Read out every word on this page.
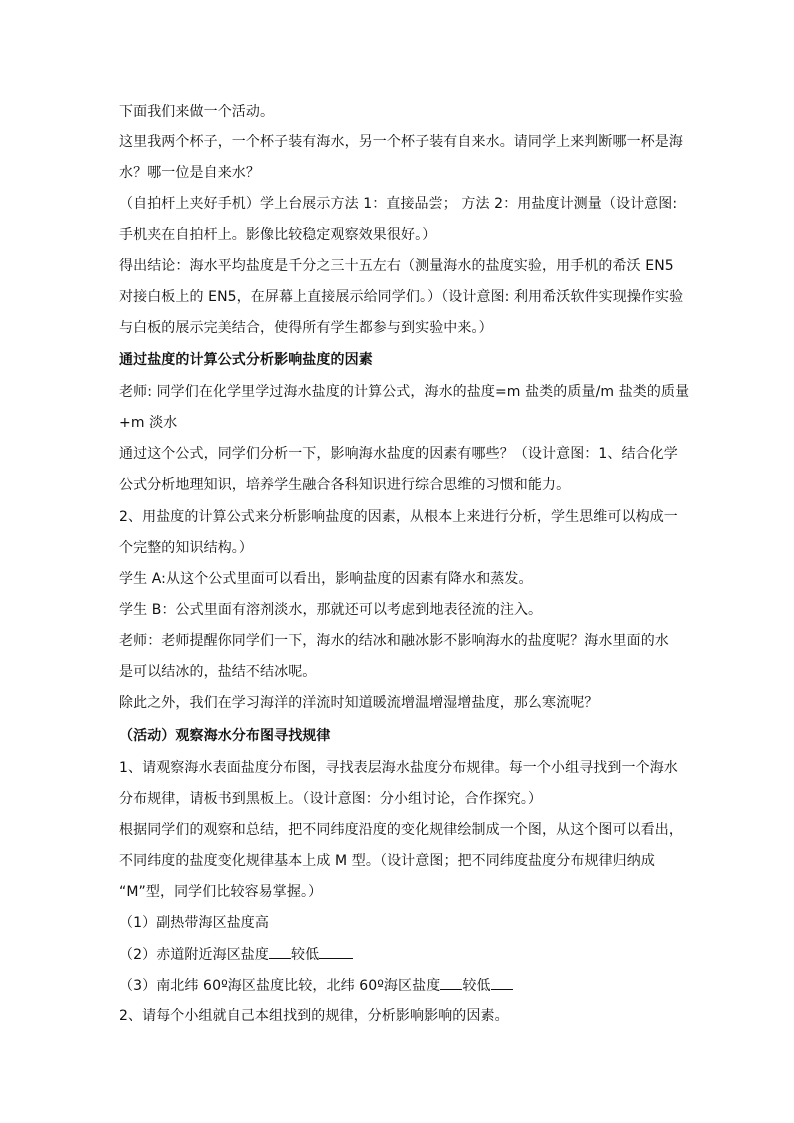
下面我们来做一个活动。
这里我两个杯子，一个杯子装有海水，另一个杯子装有自来水。请同学上来判断哪一杯是海
水？哪一位是自来水？
（自拍杆上夹好手机）学上台展示方法 1：直接品尝； 方法 2：用盐度计测量（设计意图:
手机夹在自拍杆上。影像比较稳定观察效果很好。）
得出结论：海水平均盐度是千分之三十五左右（测量海水的盐度实验，用手机的希沃 EN5
对接白板上的 EN5，在屏幕上直接展示给同学们。）（设计意图: 利用希沃软件实现操作实验
与白板的展示完美结合，使得所有学生都参与到实验中来。）
通过盐度的计算公式分析影响盐度的因素
老师: 同学们在化学里学过海水盐度的计算公式，海水的盐度=m 盐类的质量/m 盐类的质量
+m 淡水
通过这个公式，同学们分析一下，影响海水盐度的因素有哪些？（设计意图：1、结合化学
公式分析地理知识，培养学生融合各科知识进行综合思维的习惯和能力。
2、用盐度的计算公式来分析影响盐度的因素，从根本上来进行分析，学生思维可以构成一
个完整的知识结构。）
学生 A:从这个公式里面可以看出，影响盐度的因素有降水和蒸发。
学生 B：公式里面有溶剂淡水，那就还可以考虑到地表径流的注入。
老师：老师提醒你同学们一下，海水的结冰和融冰影不影响海水的盐度呢？海水里面的水
是可以结冰的，盐结不结冰呢。
除此之外，我们在学习海洋的洋流时知道暖流增温增湿增盐度，那么寒流呢？
（活动）观察海水分布图寻找规律
1、请观察海水表面盐度分布图，寻找表层海水盐度分布规律。每一个小组寻找到一个海水
分布规律，请板书到黑板上。（设计意图：分小组讨论，合作探究。）
根据同学们的观察和总结，把不同纬度沿度的变化规律绘制成一个图，从这个图可以看出，
不同纬度的盐度变化规律基本上成 M 型。（设计意图；把不同纬度盐度分布规律归纳成
“M”型，同学们比较容易掌握。）
（1）副热带海区盐度高
（2）赤道附近海区盐度 较低
（3）南北纬 60º海区盐度比较，北纬 60º海区盐度 较低
2、请每个小组就自己本组找到的规律，分析影响影响的因素。
